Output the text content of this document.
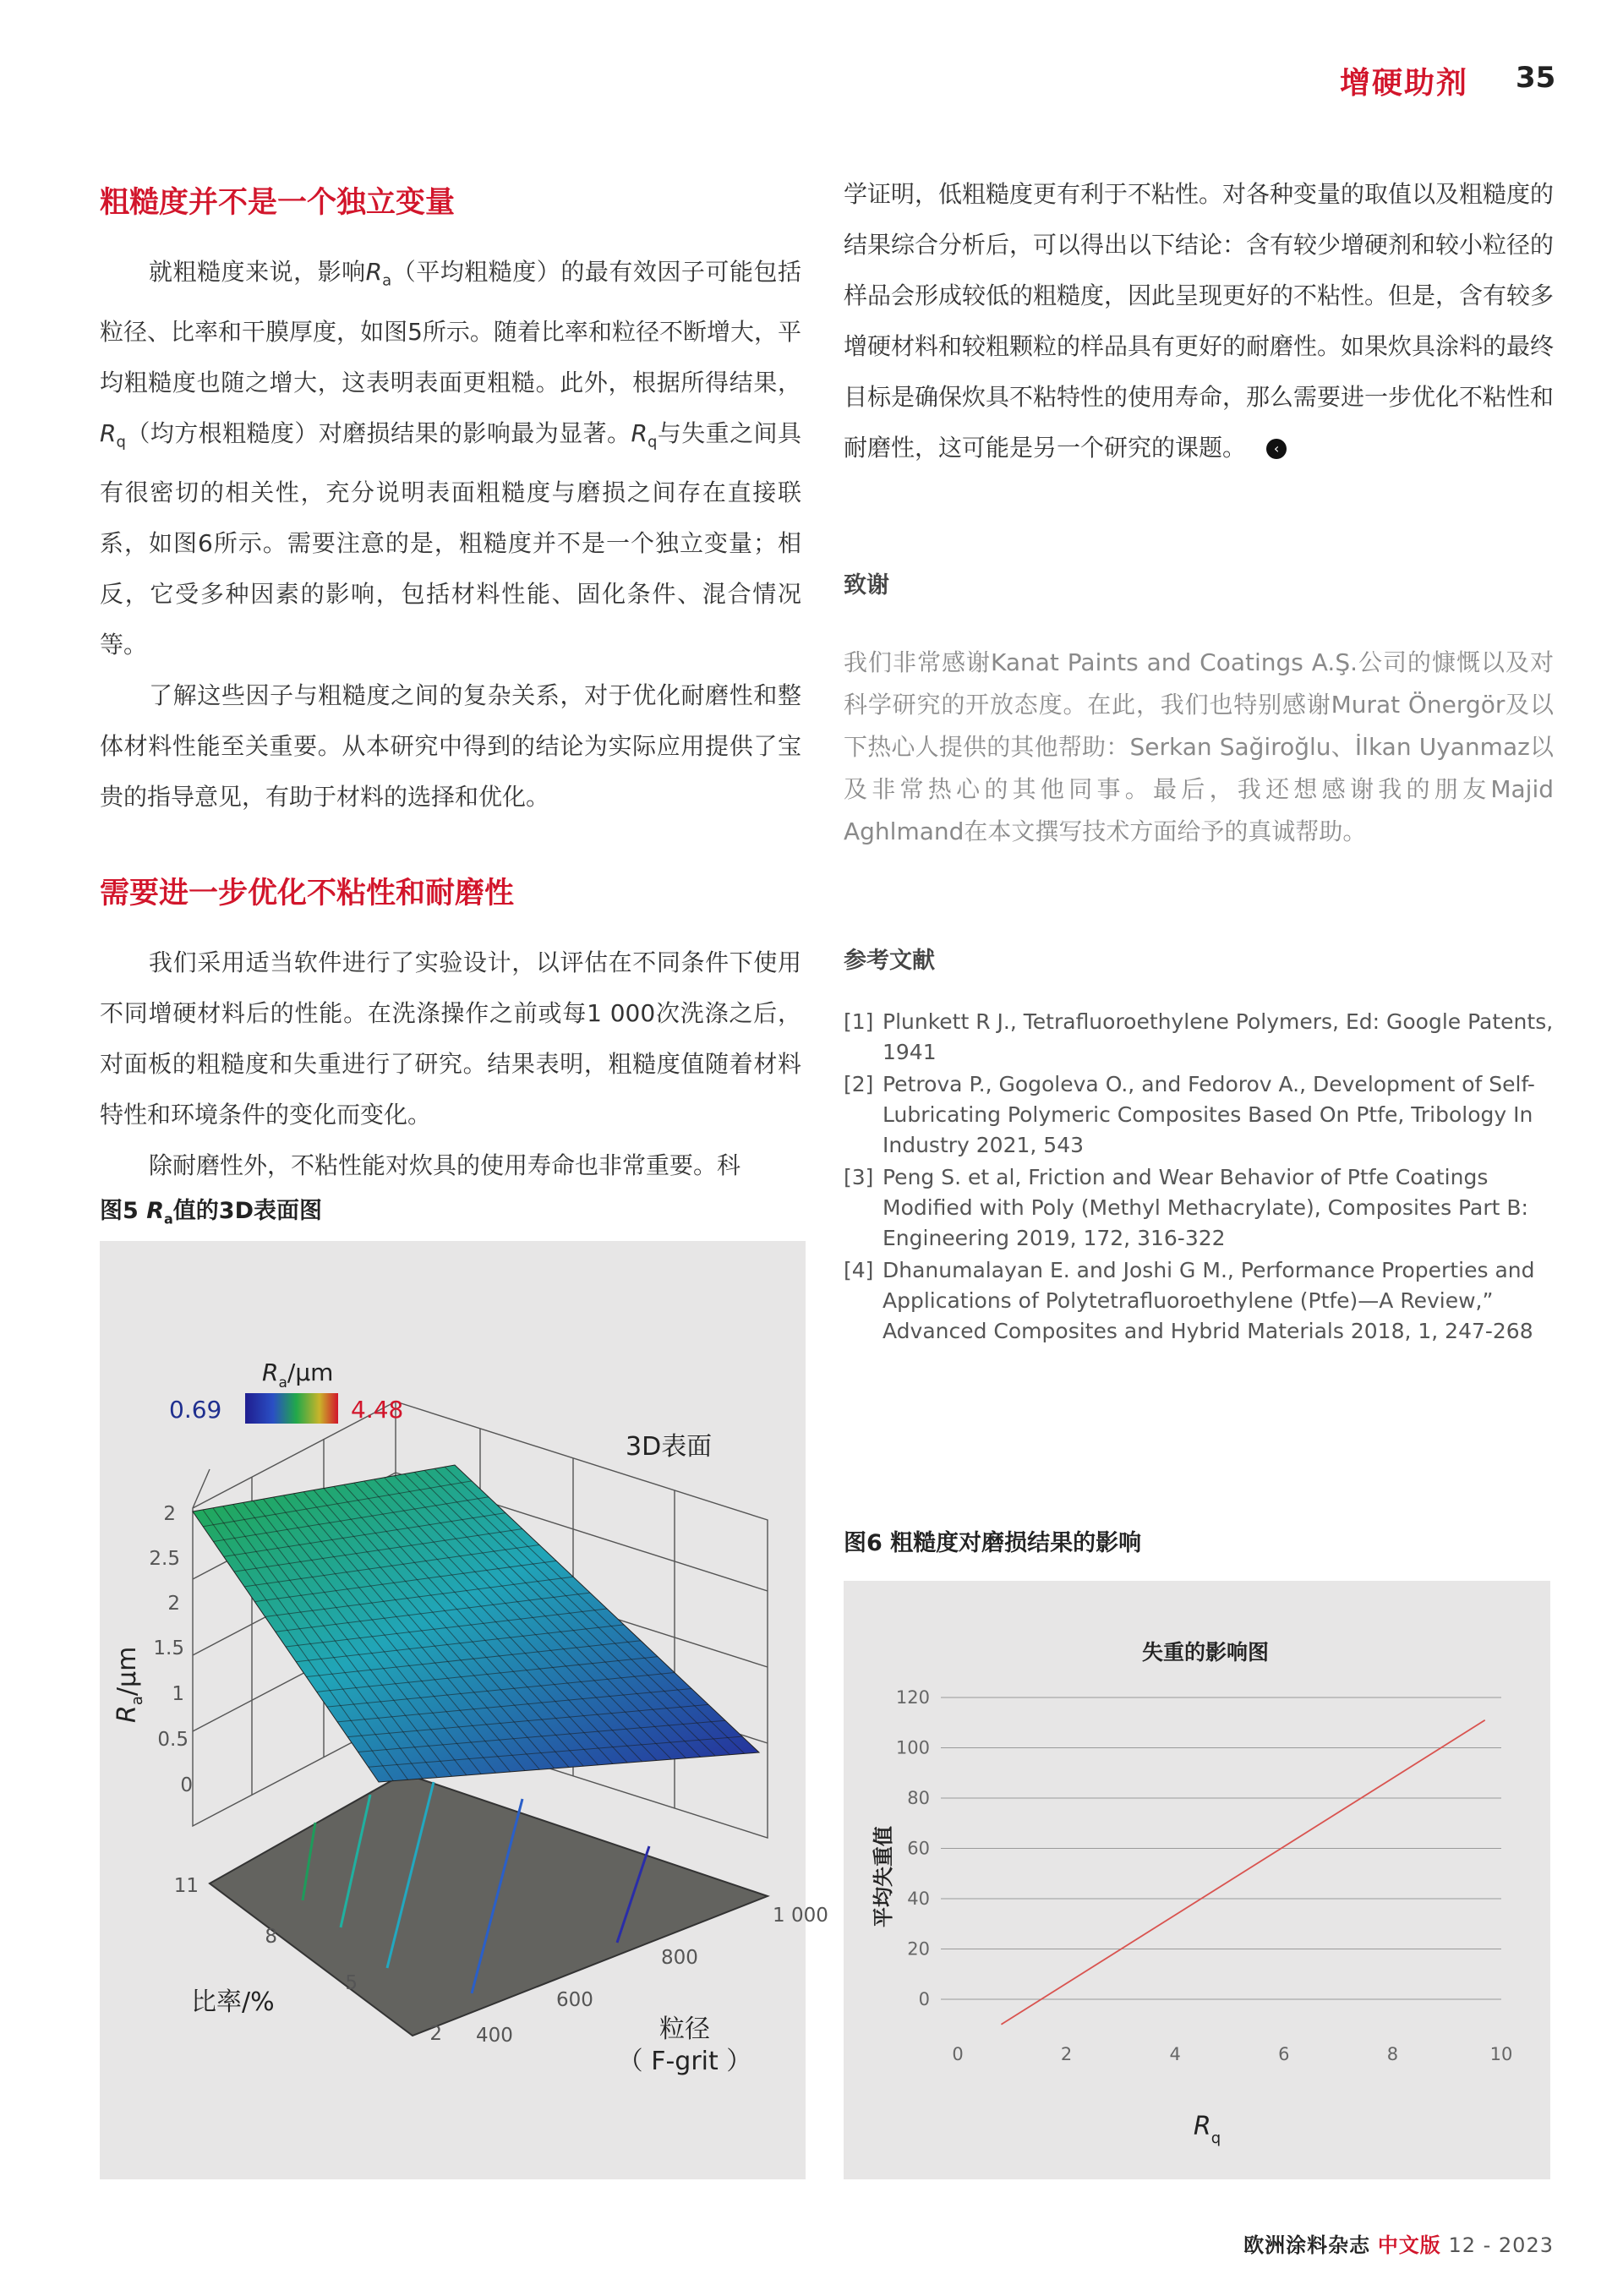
增硬助剂 35
粗糙度并不是一个独立变量

就粗糙度来说，影响$R_a$（平均粗糙度）的最有效因子可能包括粒径、比率和干膜厚度，如图5所示。随着比率和粒径不断增大，平均粗糙度也随之增大，这表明表面更粗糙。此外，根据所得结果，$R_q$（均方根粗糙度）对磨损结果的影响最为显著。$R_q$与失重之间具有很密切的相关性，充分说明表面粗糙度与磨损之间存在直接联系，如图6所示。需要注意的是，粗糙度并不是一个独立变量；相反，它受多种因素的影响，包括材料性能、固化条件、混合情况等。

了解这些因子与粗糙度之间的复杂关系，对于优化耐磨性和整体材料性能至关重要。从本研究中得到的结论为实际应用提供了宝贵的指导意见，有助于材料的选择和优化。

需要进一步优化不粘性和耐磨性

我们采用适当软件进行了实验设计，以评估在不同条件下使用不同增硬材料后的性能。在洗涤操作之前或每1 000次洗涤之后，对面板的粗糙度和失重进行了研究。结果表明，粗糙度值随着材料特性和环境条件的变化而变化。

除耐磨性外，不粘性能对炊具的使用寿命也非常重要。科

图5 $R_a$值的3D表面图
$R_a/\mu m$
0.69	4.48
3D表面
2
2.5
2
1.5
1
0.5
0
$R_a/\mu m$
11
8
5
2
比率/%
400
600
800
1 000
粒径
（ F-grit ）

学证明，低粗糙度更有利于不粘性。对各种变量的取值以及粗糙度的结果综合分析后，可以得出以下结论：含有较少增硬剂和较小粒径的样品会形成较低的粗糙度，因此呈现更好的不粘性。但是，含有较多增硬材料和较粗颗粒的样品具有更好的耐磨性。如果炊具涂料的最终目标是确保炊具不粘特性的使用寿命，那么需要进一步优化不粘性和耐磨性，这可能是另一个研究的课题。 ‹

致谢

我们非常感谢Kanat Paints and Coatings A.Ş.公司的慷慨以及对科学研究的开放态度。在此，我们也特别感谢Murat Önergör及以下热心人提供的其他帮助：Serkan Sağiroğlu、İlkan Uyanmaz以及非常热心的其他同事。最后，我还想感谢我的朋友Majid Aghlmand在本文撰写技术方面给予的真诚帮助。

参考文献

[1] Plunkett R J., Tetrafluoroethylene Polymers, Ed: Google Patents, 1941
[2] Petrova P., Gogoleva O., and Fedorov A., Development of Self-Lubricating Polymeric Composites Based On Ptfe, Tribology In Industry 2021, 543
[3] Peng S. et al, Friction and Wear Behavior of Ptfe Coatings Modified with Poly (Methyl Methacrylate), Composites Part B: Engineering 2019, 172, 316-322
[4] Dhanumalayan E. and Joshi G M., Performance Properties and Applications of Polytetrafluoroethylene (Ptfe)—A Review,” Advanced Composites and Hybrid Materials 2018, 1, 247-268
图6 粗糙度对磨损结果的影响
失重的影响图
平均失重值
$R_q$
120
100
80
60
40
20
0
0	2	4	6	8	10
欧洲涂料杂志 中文版 12 - 2023
